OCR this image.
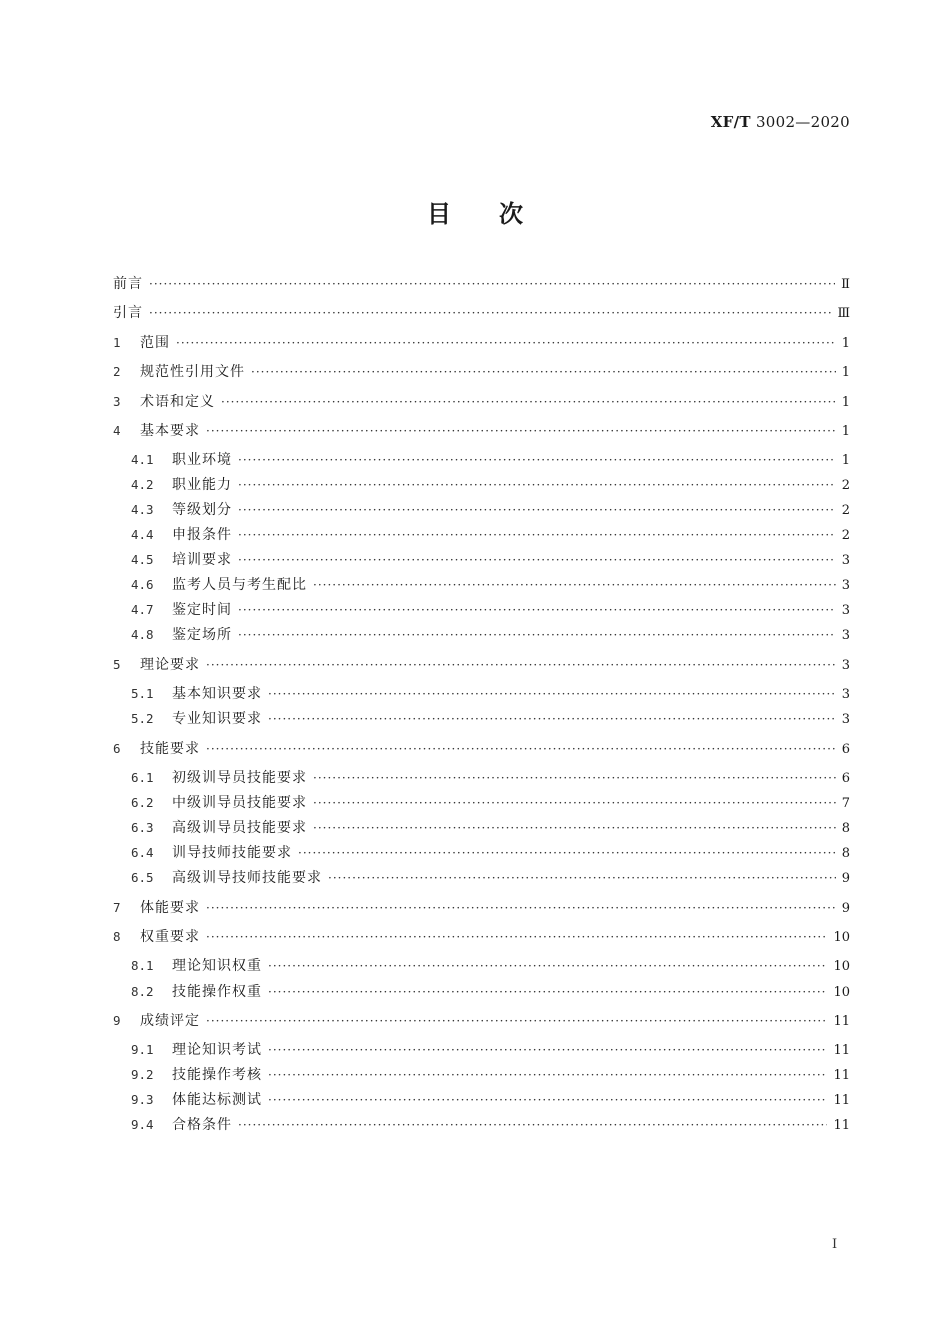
XF/T 3002—2020
目 次
前言 ·····	Ⅱ
引言 ·····	Ⅲ
1	范围 ·····	1
2	规范性引用文件 ·····	1
3	术语和定义 ·····	1
4	基本要求 ·····	1
4.1	职业环境 ·····	1
4.2	职业能力 ·····	2
4.3	等级划分 ·····	2
4.4	申报条件 ·····	2
4.5	培训要求 ·····	3
4.6	监考人员与考生配比 ·····	3
4.7	鉴定时间 ·····	3
4.8	鉴定场所 ·····	3
5	理论要求 ·····	3
5.1	基本知识要求 ·····	3
5.2	专业知识要求 ·····	3
6	技能要求 ·····	6
6.1	初级训导员技能要求 ·····	6
6.2	中级训导员技能要求 ·····	7
6.3	高级训导员技能要求 ·····	8
6.4	训导技师技能要求 ·····	8
6.5	高级训导技师技能要求 ·····	9
7	体能要求 ·····	9
8	权重要求 ·····	10
8.1	理论知识权重 ·····	10
8.2	技能操作权重 ·····	10
9	成绩评定 ·····	11
9.1	理论知识考试 ·····	11
9.2	技能操作考核 ·····	11
9.3	体能达标测试 ·····	11
9.4	合格条件 ·····	11
I
